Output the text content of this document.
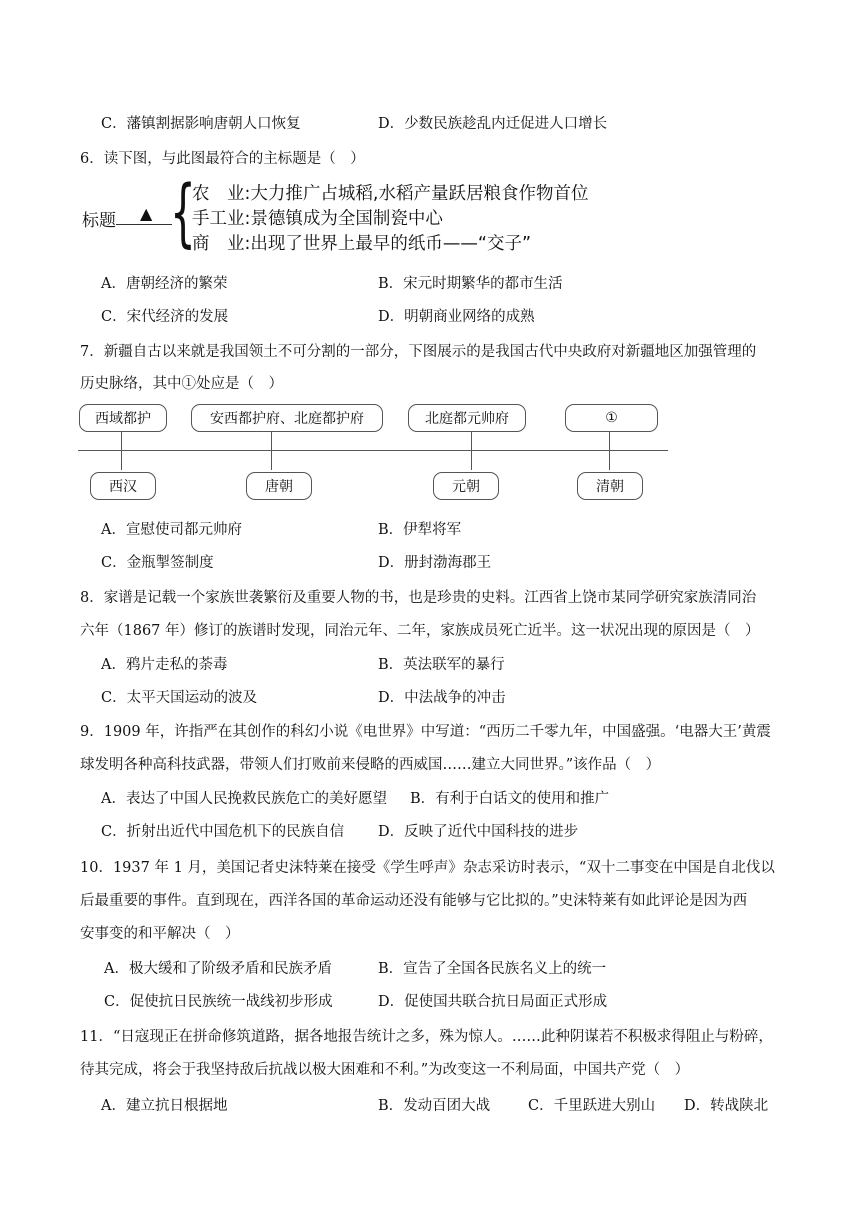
C．藩镇割据影响唐朝人口恢复	D．少数民族趁乱内迁促进人口增长
6．读下图，与此图最符合的主标题是（　）
标题 ▲ {
农　业:大力推广占城稻,水稻产量跃居粮食作物首位
手工业:景德镇成为全国制瓷中心
商　业:出现了世界上最早的纸币——“交子”
A．唐朝经济的繁荣	B．宋元时期繁华的都市生活
C．宋代经济的发展	D．明朝商业网络的成熟
7．新疆自古以来就是我国领土不可分割的一部分，下图展示的是我国古代中央政府对新疆地区加强管理的
历史脉络，其中①处应是（　）
西域都护	安西都护府、北庭都护府	北庭都元帅府	①
西汉	唐朝	元朝	清朝
A．宣慰使司都元帅府	B．伊犁将军
C．金瓶掣签制度	D．册封渤海郡王
8．家谱是记载一个家族世袭繁衍及重要人物的书，也是珍贵的史料。江西省上饶市某同学研究家族清同治
六年（1867 年）修订的族谱时发现，同治元年、二年，家族成员死亡近半。这一状况出现的原因是（　）
A．鸦片走私的荼毒	B．英法联军的暴行
C．太平天国运动的波及	D．中法战争的冲击
9．1909 年，许指严在其创作的科幻小说《电世界》中写道：“西历二千零九年，中国盛强。‘电器大王’黄震
球发明各种高科技武器，带领人们打败前来侵略的西威国……建立大同世界。”该作品（　）
A．表达了中国人民挽救民族危亡的美好愿望 B．有利于白话文的使用和推广
C．折射出近代中国危机下的民族自信 D．反映了近代中国科技的进步
10．1937 年 1 月，美国记者史沫特莱在接受《学生呼声》杂志采访时表示，“双十二事变在中国是自北伐以
后最重要的事件。直到现在，西洋各国的革命运动还没有能够与它比拟的。”史沫特莱有如此评论是因为西
安事变的和平解决（　）
A．极大缓和了阶级矛盾和民族矛盾	B．宣告了全国各民族名义上的统一
C．促使抗日民族统一战线初步形成	D．促使国共联合抗日局面正式形成
11．“日寇现正在拼命修筑道路，据各地报告统计之多，殊为惊人。……此种阴谋若不积极求得阻止与粉碎，
待其完成，将会于我坚持敌后抗战以极大困难和不利。”为改变这一不利局面，中国共产党（　）
A．建立抗日根据地	B．发动百团大战	C．千里跃进大别山 D．转战陕北
